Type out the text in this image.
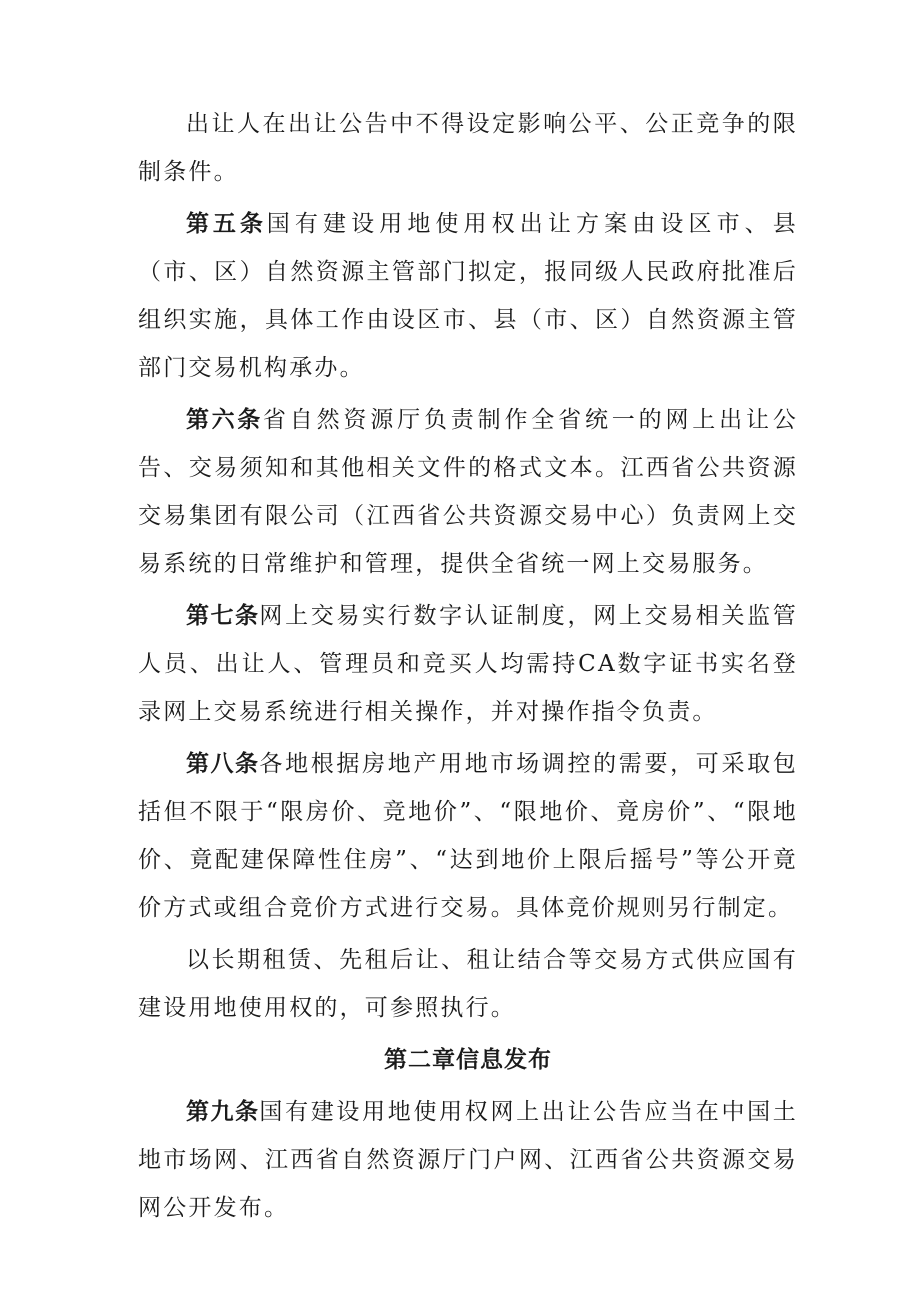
出让人在出让公告中不得设定影响公平、公正竞争的限制条件。

第五条国有建设用地使用权出让方案由设区市、县（市、区）自然资源主管部门拟定，报同级人民政府批准后组织实施，具体工作由设区市、县（市、区）自然资源主管部门交易机构承办。

第六条省自然资源厅负责制作全省统一的网上出让公告、交易须知和其他相关文件的格式文本。江西省公共资源交易集团有限公司（江西省公共资源交易中心）负责网上交易系统的日常维护和管理，提供全省统一网上交易服务。

第七条网上交易实行数字认证制度，网上交易相关监管人员、出让人、管理员和竞买人均需持CA数字证书实名登录网上交易系统进行相关操作，并对操作指令负责。

第八条各地根据房地产用地市场调控的需要，可采取包括但不限于“限房价、竞地价”、“限地价、竟房价”、“限地价、竟配建保障性住房”、“达到地价上限后摇号”等公开竟价方式或组合竞价方式进行交易。具体竞价规则另行制定。

以长期租赁、先租后让、租让结合等交易方式供应国有建设用地使用权的，可参照执行。

第二章信息发布

第九条国有建设用地使用权网上出让公告应当在中国土地市场网、江西省自然资源厅门户网、江西省公共资源交易网公开发布。
